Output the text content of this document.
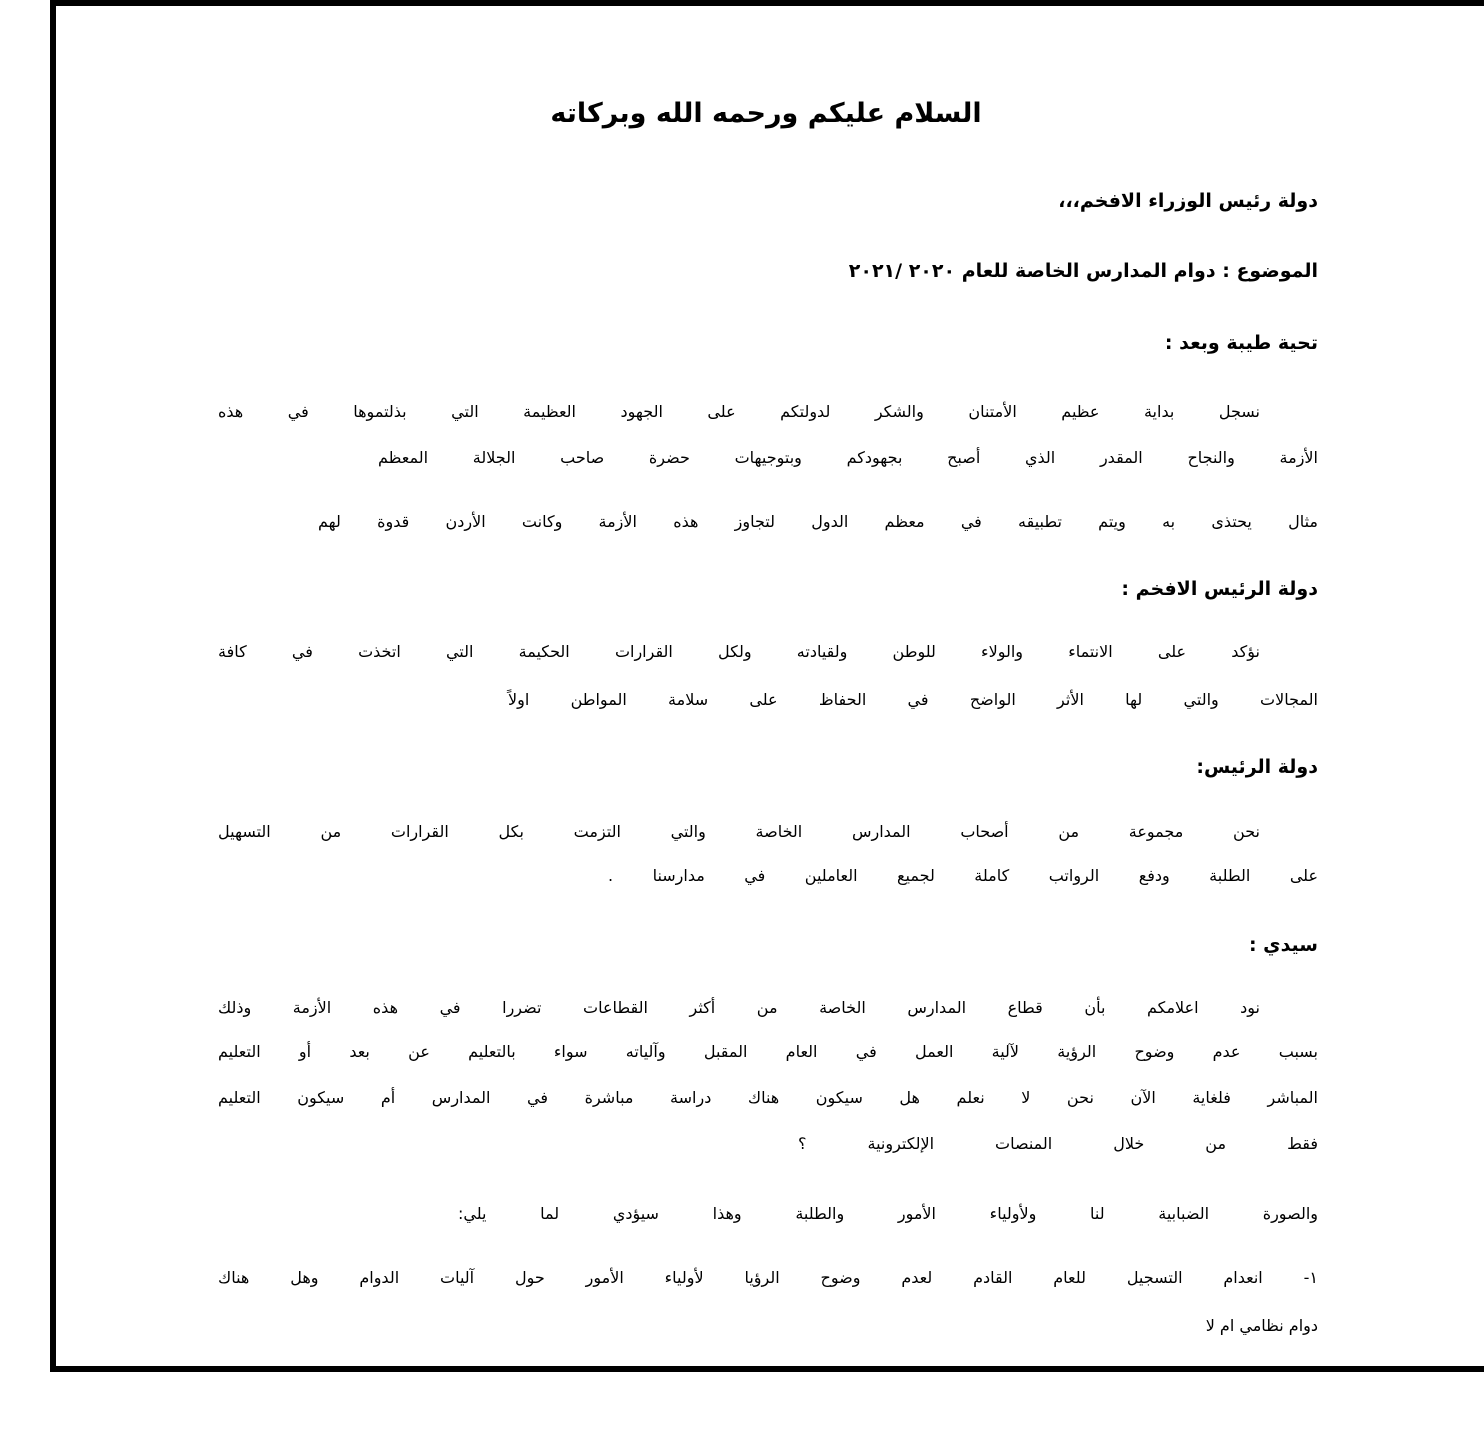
السلام عليكم ورحمه الله وبركاته

دولة رئيس الوزراء الافخم،،،

الموضوع : دوام المدارس الخاصة للعام ٢٠٢٠ /٢٠٢١

تحية طيبة وبعد :

نسجل بداية عظيم الأمتنان والشكر لدولتكم على الجهود العظيمة التي بذلتموها في هذه

الأزمة والنجاح المقدر الذي أصبح بجهودكم وبتوجيهات حضرة صاحب الجلالة المعظم

مثال يحتذى به ويتم تطبيقه في معظم الدول لتجاوز هذه الأزمة وكانت الأردن قدوة لهم

دولة الرئيس الافخم :

نؤكد على الانتماء والولاء للوطن ولقيادته ولكل القرارات الحكيمة التي اتخذت في كافة

المجالات والتي لها الأثر الواضح في الحفاظ على سلامة المواطن اولاً

دولة الرئيس:

نحن مجموعة من أصحاب المدارس الخاصة والتي التزمت بكل القرارات من التسهيل

على الطلبة ودفع الرواتب كاملة لجميع العاملين في مدارسنا .

سيدي :

نود اعلامكم بأن قطاع المدارس الخاصة من أكثر القطاعات تضررا في هذه الأزمة وذلك

بسبب عدم وضوح الرؤية لآلية العمل في العام المقبل وآلياته سواء بالتعليم عن بعد أو التعليم

المباشر فلغاية الآن نحن لا نعلم هل سيكون هناك دراسة مباشرة في المدارس أم سيكون التعليم

فقط من خلال المنصات الإلكترونية ؟

والصورة الضبابية لنا ولأولياء الأمور والطلبة وهذا سيؤدي لما يلي:

١- انعدام التسجيل للعام القادم لعدم وضوح الرؤيا لأولياء الأمور حول آليات الدوام وهل هناك

دوام نظامي ام لا
